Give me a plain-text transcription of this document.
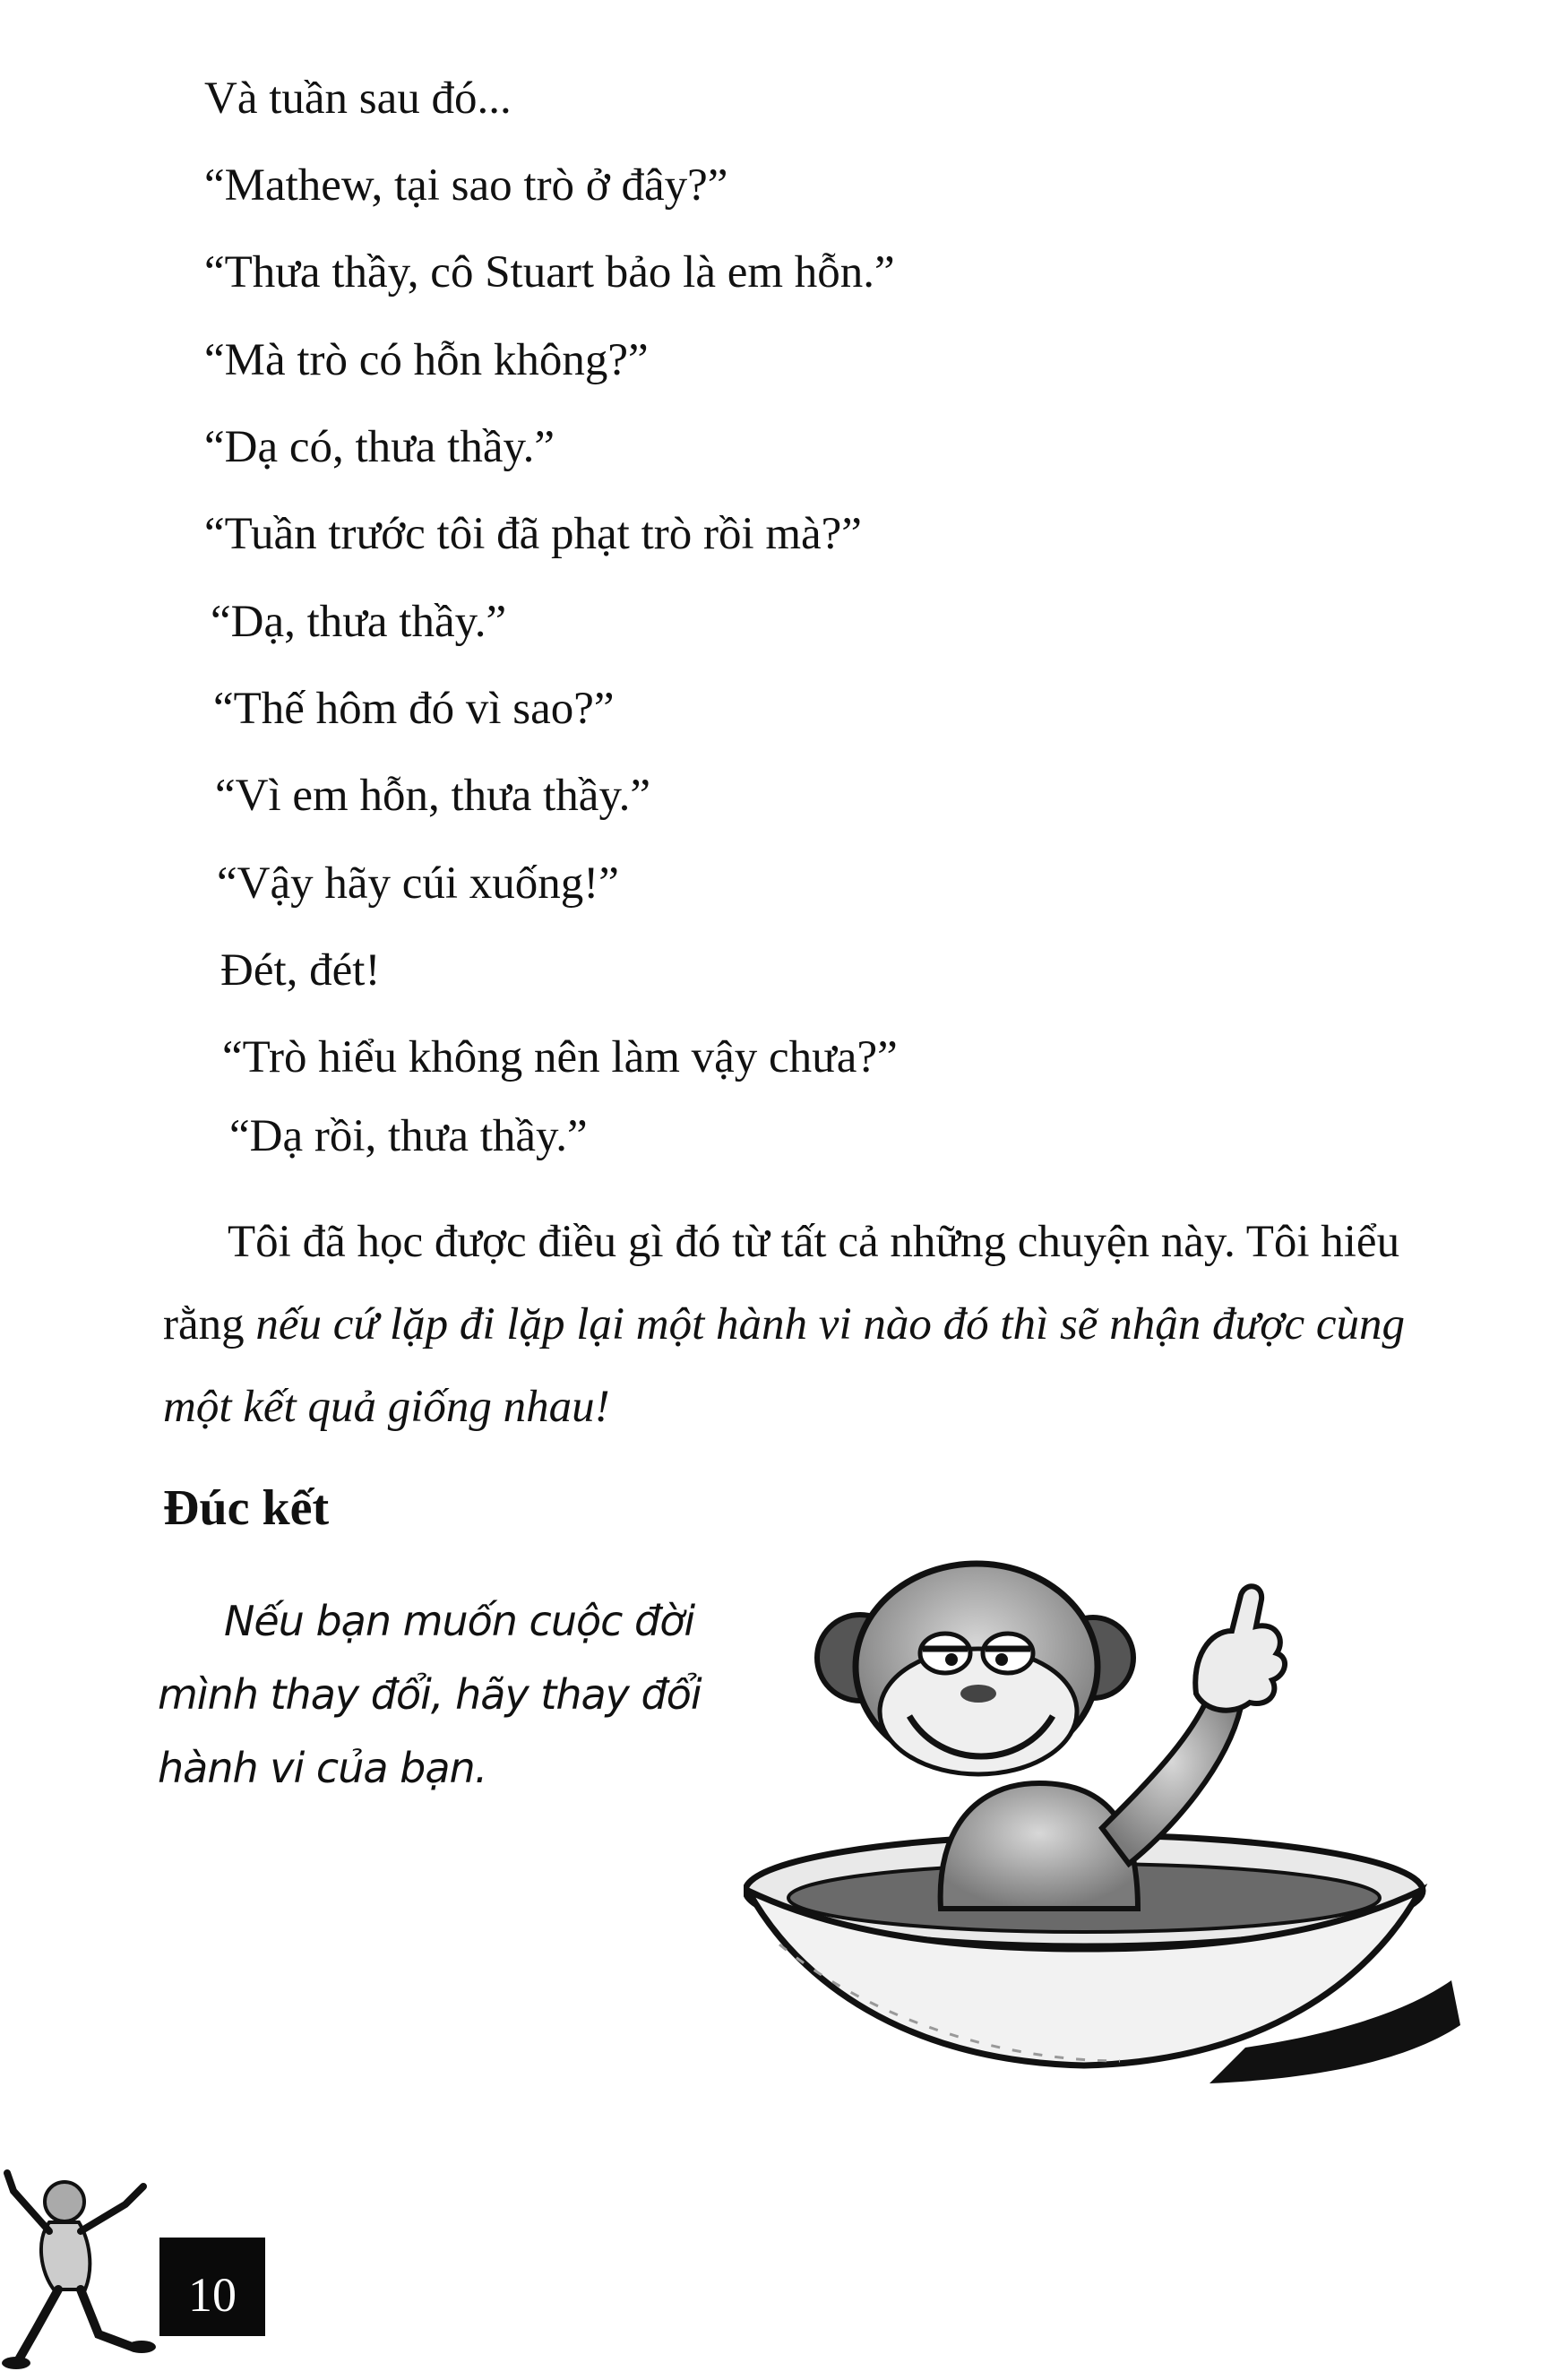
Và tuần sau đó...

“Mathew, tại sao trò ở đây?”

“Thưa thầy, cô Stuart bảo là em hỗn.”

“Mà trò có hỗn không?”

“Dạ có, thưa thầy.”

“Tuần trước tôi đã phạt trò rồi mà?”

“Dạ, thưa thầy.”

“Thế hôm đó vì sao?”

“Vì em hỗn, thưa thầy.”

“Vậy hãy cúi xuống!”

Đét, đét!

“Trò hiểu không nên làm vậy chưa?”

“Dạ rồi, thưa thầy.”

Tôi đã học được điều gì đó từ tất cả những chuyện này. Tôi hiểu rằng nếu cứ lặp đi lặp lại một hành vi nào đó thì sẽ nhận được cùng một kết quả giống nhau!

Đúc kết

Nếu bạn muốn cuộc đời mình thay đổi, hãy thay đổi hành vi của bạn.

10
